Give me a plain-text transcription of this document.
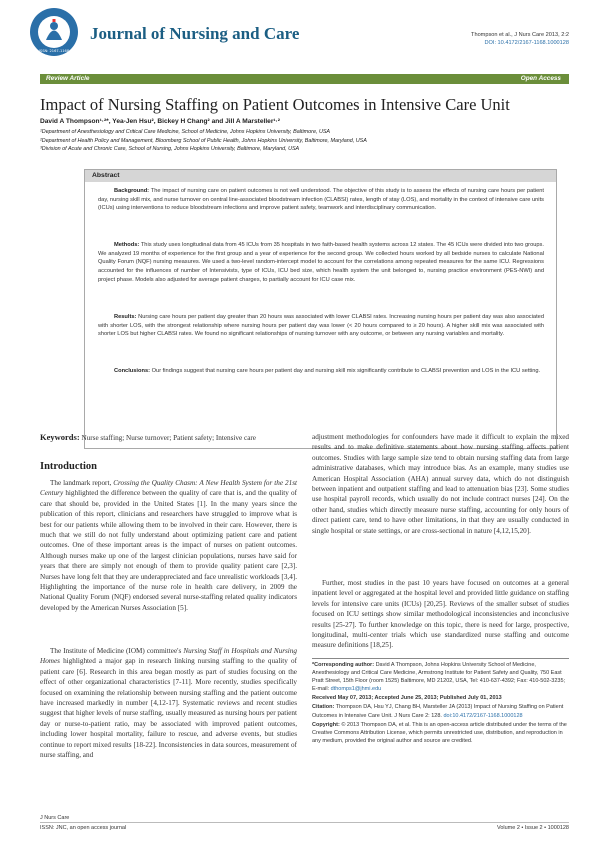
ISSN: 2167-1168
Journal of Nursing and Care	Thompson et al., J Nurs Care 2013, 2:2
DOI: 10.4172/2167-1168.1000128
Review Article	Open Access
Impact of Nursing Staffing on Patient Outcomes in Intensive Care Unit
David A Thompson¹·²*, Yea-Jen Hsu², Bickey H Chang² and Jill A Marsteller¹·²
¹Department of Anesthesiology and Critical Care Medicine, School of Medicine, Johns Hopkins University, Baltimore, USA
²Department of Health Policy and Management, Bloomberg School of Public Health, Johns Hopkins University, Baltimore, Maryland, USA
³Division of Acute and Chronic Care, School of Nursing, Johns Hopkins University, Baltimore, Maryland, USA
Abstract
Background: The impact of nursing care on patient outcomes is not well understood. The objective of this study is to assess the effects of nursing care hours per patient day, nursing skill mix, and nurse turnover on central line-associated bloodstream infection (CLABSI) rates, length of stay (LOS), and mortality in the context of intensive care units (ICUs) using interventions to reduce bloodstream infections and improve patient safety, teamwork and interdisciplinary communication.
Methods: This study uses longitudinal data from 45 ICUs from 35 hospitals in two faith-based health systems across 12 states. The 45 ICUs were divided into two groups. We analyzed 19 months of experience for the first group and a year of experience for the second group. We collected hours worked by all bedside nurses to calculate National Quality Forum (NQF) nursing measures. We used a two-level random-intercept model to account for the correlations among repeated measures for the same ICU. Regressions accounted for the influences of number of Intensivists, type of ICUs, ICU bed size, which health system the unit belonged to, nursing practice environment (PES-NWI) and project phase. Models also adjusted for average patient charges, to partially account for ICU case mix.
Results: Nursing care hours per patient day greater than 20 hours was associated with lower CLABSI rates. Increasing nursing hours per patient day was also associated with shorter LOS, with the strongest relationship where nursing hours per patient day was lower (< 20 hours compared to ≥ 20 hours). A higher skill mix was associated with shorter LOS but higher CLABSI rates. We found no significant relationships of nursing turnover with any outcome, or between any nursing variables and mortality.
Conclusions: Our findings suggest that nursing care hours per patient day and nursing skill mix significantly contribute to CLABSI prevention and LOS in the ICU setting.
Keywords: Nurse staffing; Nurse turnover; Patient safety; Intensive care
Introduction
The landmark report, Crossing the Quality Chasm: A New Health System for the 21st Century highlighted the difference between the quality of care that is, and the quality of care that should be, provided in the United States [1]. In the many years since the publication of this report, clinicians and researchers have struggled to improve what is best for our patients while allowing them to be involved in their care. However, there is much that we still do not fully understand about optimizing patient care and patient outcomes. One of these important areas is the impact of nurses on patient outcomes. Although nurses make up one of the largest clinician populations, nurses have said for years that there are simply not enough of them to provide quality patient care [2,3]. Nurses have long felt that they are underappreciated and face unrealistic workloads [3,4]. Highlighting the importance of the nurse role in health care delivery, in 2009 the National Quality Forum (NQF) endorsed several nurse-staffing related quality indicators developed by the American Nurses Association [5].
The Institute of Medicine (IOM) committee's Nursing Staff in Hospitals and Nursing Homes highlighted a major gap in research linking nursing staffing to the quality of patient care [6]. Research in this area began mostly as part of studies focusing on the effect of other organizational characteristics [7-11]. More recently, studies specifically focused on examining the relationship between nursing staffing and the patient outcome have increased markedly in number [4,12-17]. Systematic reviews and recent studies suggest that higher levels of nurse staffing, usually measured as nursing hours per patient day or nurse-to-patient ratio, may be associated with improved patient outcomes, including lower hospital mortality, failure to rescue, and adverse events, but studies continue to report mixed results [18-22]. Inconsistencies in data sources, measurement of nurse staffing, and
adjustment methodologies for confounders have made it difficult to explain the mixed results and to make definitive statements about how nursing staffing affects patient outcomes. Studies with large sample size tend to obtain nursing staffing data from large administrative databases, which may introduce bias. As an example, many studies use American Hospital Association (AHA) annual survey data, which do not distinguish between inpatient and outpatient staffing and lead to attenuation bias [23]. Some studies use hospital payroll records, which usually do not include contract nurses [24]. On the other hand, studies which directly measure nurse staffing, accounting for only hours of direct patient care, tend to have other limitations, in that they are usually conducted in single hospital or state settings, or are cross-sectional in nature [4,12,15,20].
Further, most studies in the past 10 years have focused on outcomes at a general inpatient level or aggregated at the hospital level and provided little guidance on staffing levels for intensive care units (ICUs) [20,25]. Reviews of the smaller subset of studies focused on ICU settings show similar methodological inconsistencies and inconclusive results [25-27]. To further knowledge on this topic, there is need for large, prospective, longitudinal, multi-center trials which use standardized nurse staffing and outcome measure definitions [18,25].

*Corresponding author: David A Thompson, Johns Hopkins University School of Medicine, Anesthesiology and Critical Care Medicine, Armstrong Institute for Patient Safety and Quality, 750 East Pratt Street, 15th Floor (room 1525) Baltimore, MD 21202, USA, Tel: 410-637-4392; Fax: 410-502-3235; E-mail: dthomps1@jhmi.edu

Received May 07, 2013; Accepted June 25, 2013; Published July 01, 2013

Citation: Thompson DA, Hsu YJ, Chang BH, Marsteller JA (2013) Impact of Nursing Staffing on Patient Outcomes in Intensive Care Unit. J Nurs Care 2: 128. doi:10.4172/2167-1168.1000128

Copyright: © 2013 Thompson DA, et al. This is an open-access article distributed under the terms of the Creative Commons Attribution License, which permits unrestricted use, distribution, and reproduction in any medium, provided the original author and source are credited.

J Nurs Care
ISSN: JNC, an open access journal	Volume 2 • Issue 2 • 1000128
